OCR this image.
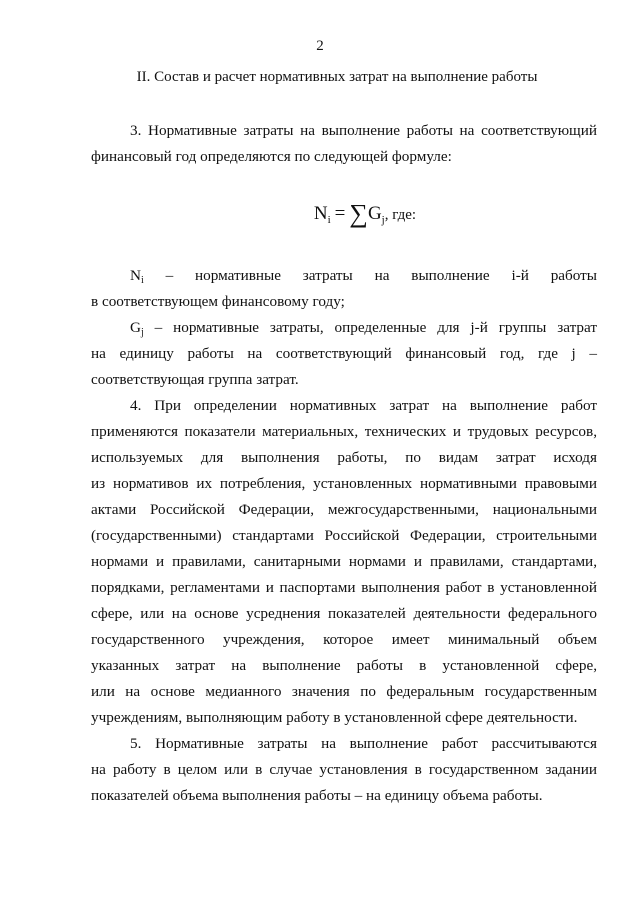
2
II. Состав и расчет нормативных затрат на выполнение работы
3. Нормативные затраты на выполнение работы на соответствующий
финансовый год определяются по следующей формуле:
$N_i = \sum G_j$, где:
$N_i$ – нормативные затраты на выполнение i-й работы
в соответствующем финансовому году;
$G_j$ – нормативные затраты, определенные для j-й группы затрат
на единицу работы на соответствующий финансовый год, где j –
соответствующая группа затрат.
4. При определении нормативных затрат на выполнение работ
применяются показатели материальных, технических и трудовых ресурсов,
используемых для выполнения работы, по видам затрат исходя
из нормативов их потребления, установленных нормативными правовыми
актами Российской Федерации, межгосударственными, национальными
(государственными) стандартами Российской Федерации, строительными
нормами и правилами, санитарными нормами и правилами, стандартами,
порядками, регламентами и паспортами выполнения работ в установленной
сфере, или на основе усреднения показателей деятельности федерального
государственного учреждения, которое имеет минимальный объем
указанных затрат на выполнение работы в установленной сфере,
или на основе медианного значения по федеральным государственным
учреждениям, выполняющим работу в установленной сфере деятельности.
5. Нормативные затраты на выполнение работ рассчитываются
на работу в целом или в случае установления в государственном задании
показателей объема выполнения работы – на единицу объема работы.
